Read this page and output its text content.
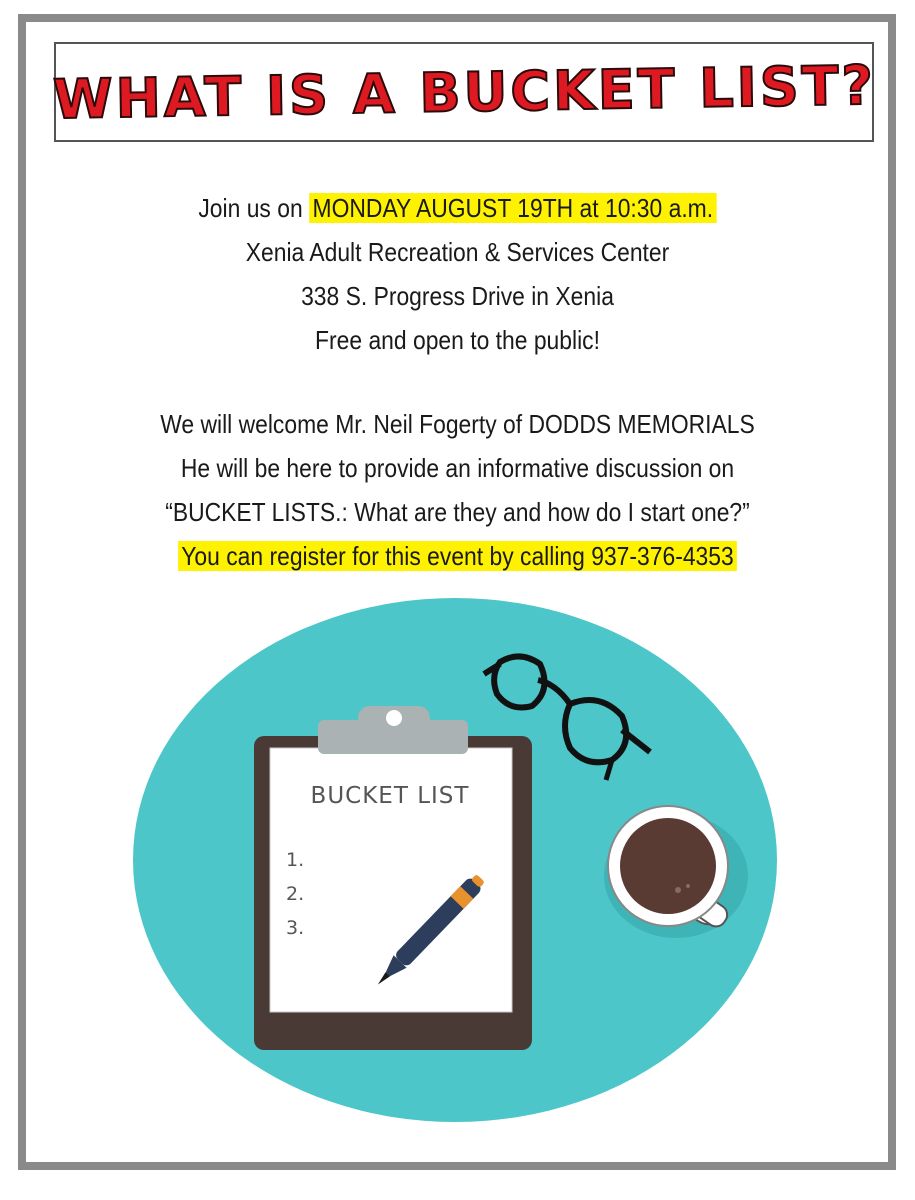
WHAT IS A BUCKET LIST?
Join us on MONDAY AUGUST 19TH at 10:30 a.m.
Xenia Adult Recreation & Services Center
338 S. Progress Drive in Xenia
Free and open to the public!
We will welcome Mr. Neil Fogerty of DODDS MEMORIALS
He will be here to provide an informative discussion on
“BUCKET LISTS.: What are they and how do I start one?”
You can register for this event by calling 937-376-4353
BUCKET LIST
1.
2.
3.
